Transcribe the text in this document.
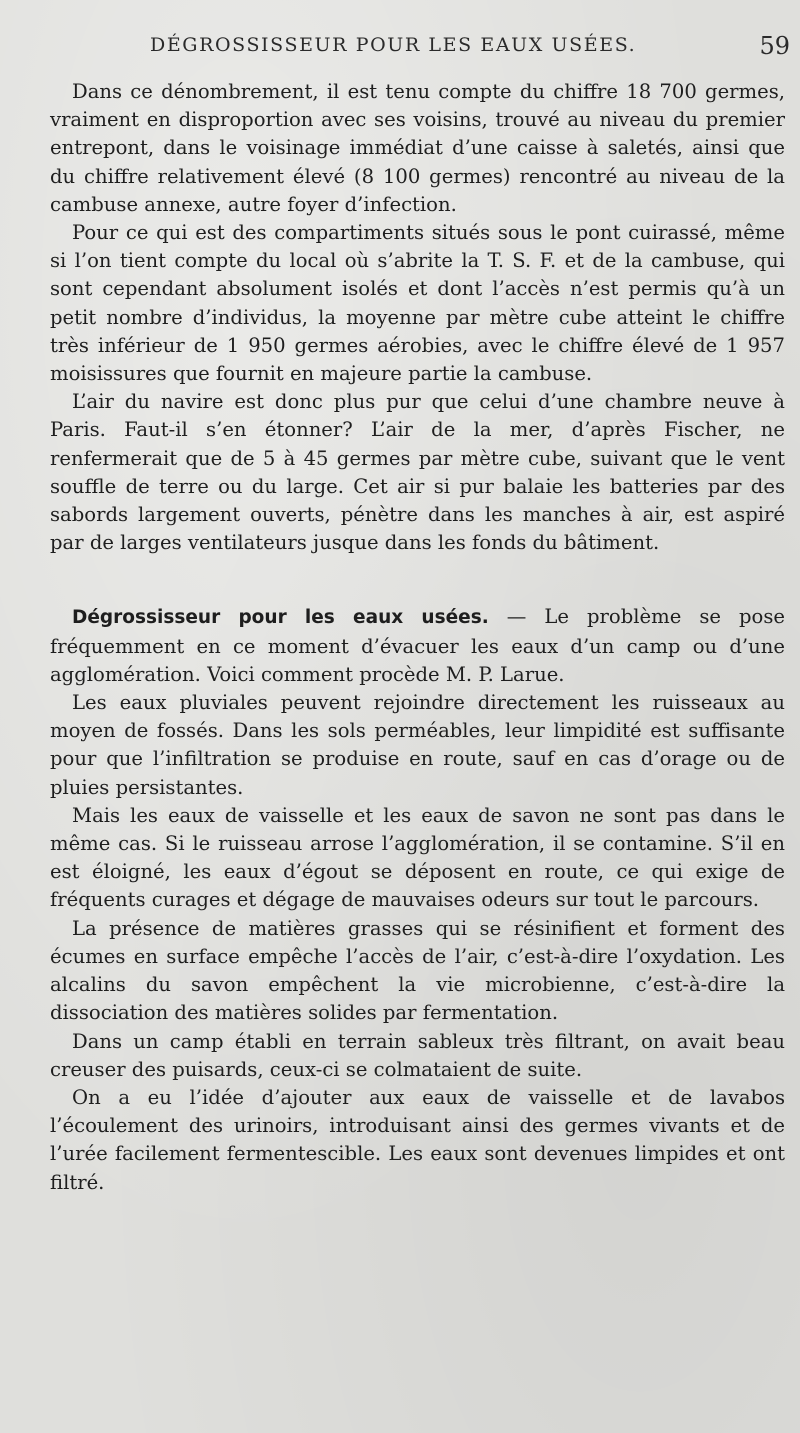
DÉGROSSISSEUR POUR LES EAUX USÉES.	59

Dans ce dénombrement, il est tenu compte du chiffre 18 700 germes, vraiment en disproportion avec ses voisins, trouvé au niveau du premier entrepont, dans le voisinage immédiat d’une caisse à saletés, ainsi que du chiffre relativement élevé (8 100 germes) rencontré au niveau de la cambuse annexe, autre foyer d’infection.

Pour ce qui est des compartiments situés sous le pont cuirassé, même si l’on tient compte du local où s’abrite la T. S. F. et de la cambuse, qui sont cependant absolument isolés et dont l’accès n’est permis qu’à un petit nombre d’individus, la moyenne par mètre cube atteint le chiffre très inférieur de 1 950 germes aérobies, avec le chiffre élevé de 1 957 moisissures que fournit en majeure partie la cambuse.

L’air du navire est donc plus pur que celui d’une chambre neuve à Paris. Faut-il s’en étonner? L’air de la mer, d’après Fischer, ne renfermerait que de 5 à 45 germes par mètre cube, suivant que le vent souffle de terre ou du large. Cet air si pur balaie les batteries par des sabords largement ouverts, pénètre dans les manches à air, est aspiré par de larges ventilateurs jusque dans les fonds du bâtiment.

Dégrossisseur pour les eaux usées. — Le problème se pose fréquemment en ce moment d’évacuer les eaux d’un camp ou d’une agglomération. Voici comment procède M. P. Larue.

Les eaux pluviales peuvent rejoindre directement les ruisseaux au moyen de fossés. Dans les sols perméables, leur limpidité est suffisante pour que l’infiltration se produise en route, sauf en cas d’orage ou de pluies persistantes.

Mais les eaux de vaisselle et les eaux de savon ne sont pas dans le même cas. Si le ruisseau arrose l’agglomération, il se contamine. S’il en est éloigné, les eaux d’égout se déposent en route, ce qui exige de fréquents curages et dégage de mauvaises odeurs sur tout le parcours.

La présence de matières grasses qui se résinifient et forment des écumes en surface empêche l’accès de l’air, c’est-à-dire l’oxydation. Les alcalins du savon empêchent la vie microbienne, c’est-à-dire la dissociation des matières solides par fermentation.

Dans un camp établi en terrain sableux très filtrant, on avait beau creuser des puisards, ceux-ci se colmataient de suite.

On a eu l’idée d’ajouter aux eaux de vaisselle et de lavabos l’écoulement des urinoirs, introduisant ainsi des germes vivants et de l’urée facilement fermentescible. Les eaux sont devenues limpides et ont filtré.
